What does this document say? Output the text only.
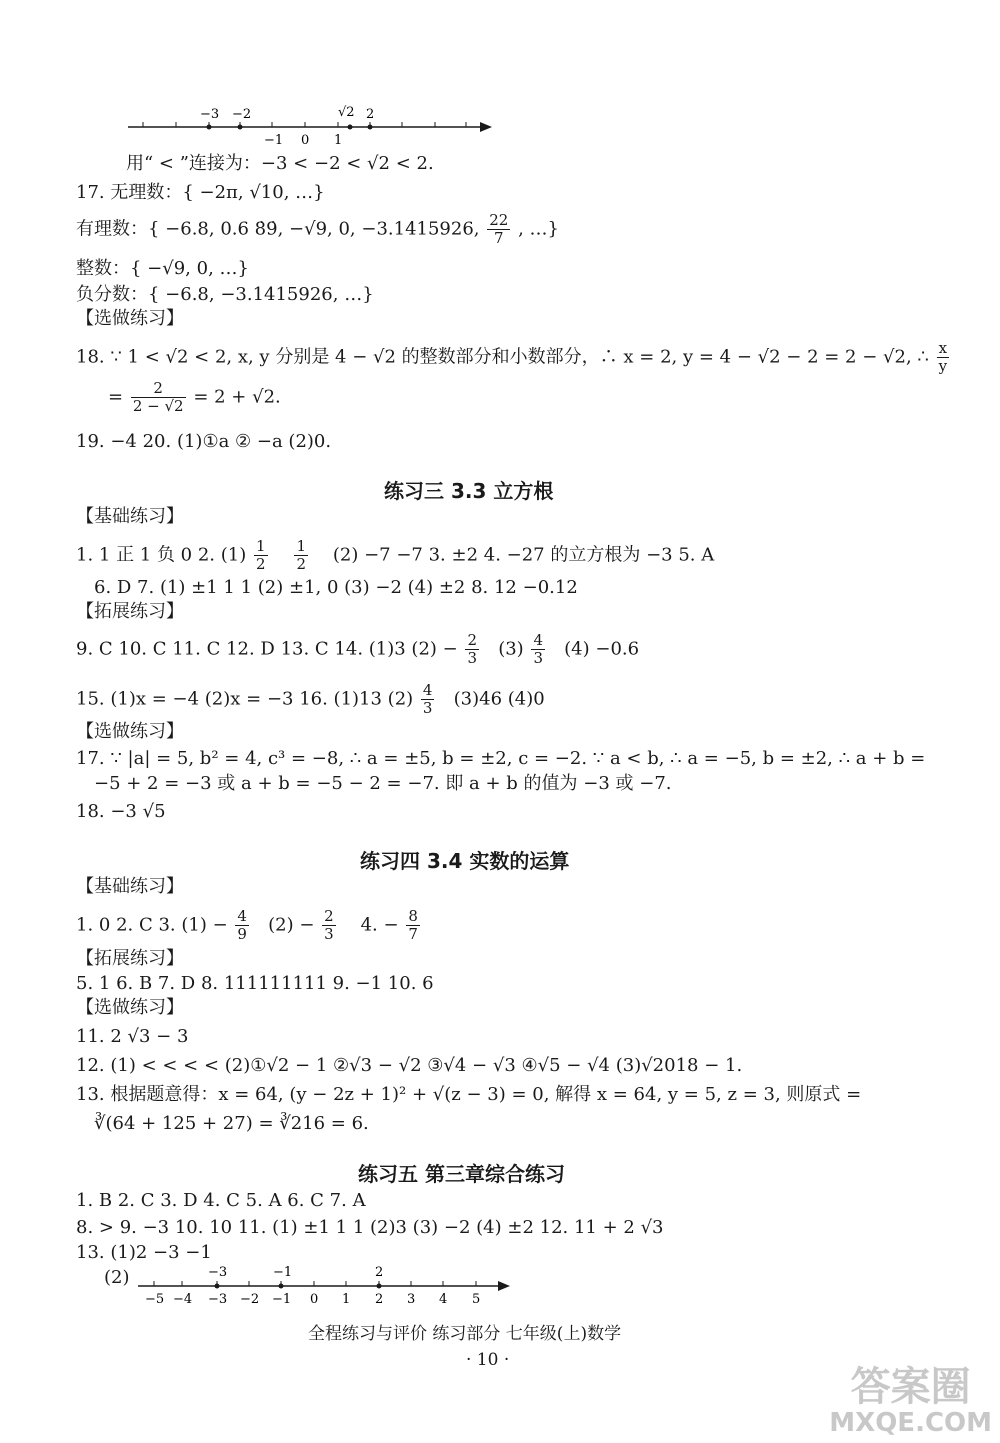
−3 −2	√2 2
−1 0 1
用“ < ”连接为：−3 < −2 < √2 < 2.
17. 无理数：{ −2π, √10, …}
有理数：{ −6.8, 0.6 8̇9̇, −√9, 0, −3.1415926, $\frac{22}{7}$ , …}
整数：{ −√9, 0, …}
负分数：{ −6.8, −3.1415926, …}
【选做练习】
18. ∵ 1 < √2 < 2, x, y 分别是 4 − √2 的整数部分和小数部分，∴ x = 2, y = 4 − √2 − 2 = 2 − √2, ∴ $\frac{x}{y}$
= $\frac{2}{2 - √2} = 2 + √2$.
19. −4 20. (1)①a ② −a (2)0.
练习三 3.3 立方根
【基础练习】
1. 1 正 1 负 0 2. $(1) \frac{1}{2}$
$\frac{1}{2} (2) -7 -7$ 3. ±2 4. −27 的立方根为 −3 5. A
6. D 7. (1) ±1 1 1 (2) ±1, 0 (3) −2 (4) ±2 8. 12 −0.12
【拓展练习】
9. C 10. C 11. C 12. D 13. C 14. (1)3 $(2) - \frac{2}{3} (3) \frac{4}{3} (4) -0.6$
15. (1)x = −4 (2)x = −3 16. (1)13 $(2) \frac{4}{3} (3)46$ (4)0
【选做练习】
17. ∵ |a| = 5, b² = 4, c³ = −8, ∴ a = ±5, b = ±2, c = −2. ∵ a < b, ∴ a = −5, b = ±2, ∴ a + b =
−5 + 2 = −3 或 a + b = −5 − 2 = −7. 即 a + b 的值为 −3 或 −7.
18. −3 √5
练习四 3.4 实数的运算
【基础练习】
1. 0 2. C 3. $(1) - \frac{4}{9} (2) - \frac{2}{3} 4$. − $\frac{8}{7}$
【拓展练习】
5. 1 6. B 7. D 8. 111111111 9. −1 10. 6
【选做练习】
11. 2 √3 − 3
12. (1) < < < < (2)①√2 − 1 ②√3 − √2 ③√4 − √3 ④√5 − √4 (3)√2018 − 1.
13. 根据题意得：x = 64, (y − 2z + 1)² + √(z − 3) = 0, 解得 x = 64, y = 5, z = 3, 则原式 =
∛(64 + 125 + 27) = ∛216 = 6.
练习五 第三章综合练习
1. B 2. C 3. D 4. C 5. A 6. C 7. A
8. > 9. −3 10. 10 11. (1) ±1 1 1 (2)3 (3) −2 (4) ±2 12. 11 + 2 √3
13. (1)2 −3 −1
(2)	−3	−1	2
−5 −4 −3 −2 −1 0 1 2 3 4 5
全程练习与评价 练习部分 七年级(上)数学
· 10 ·
答案圈
MXQE.COM
